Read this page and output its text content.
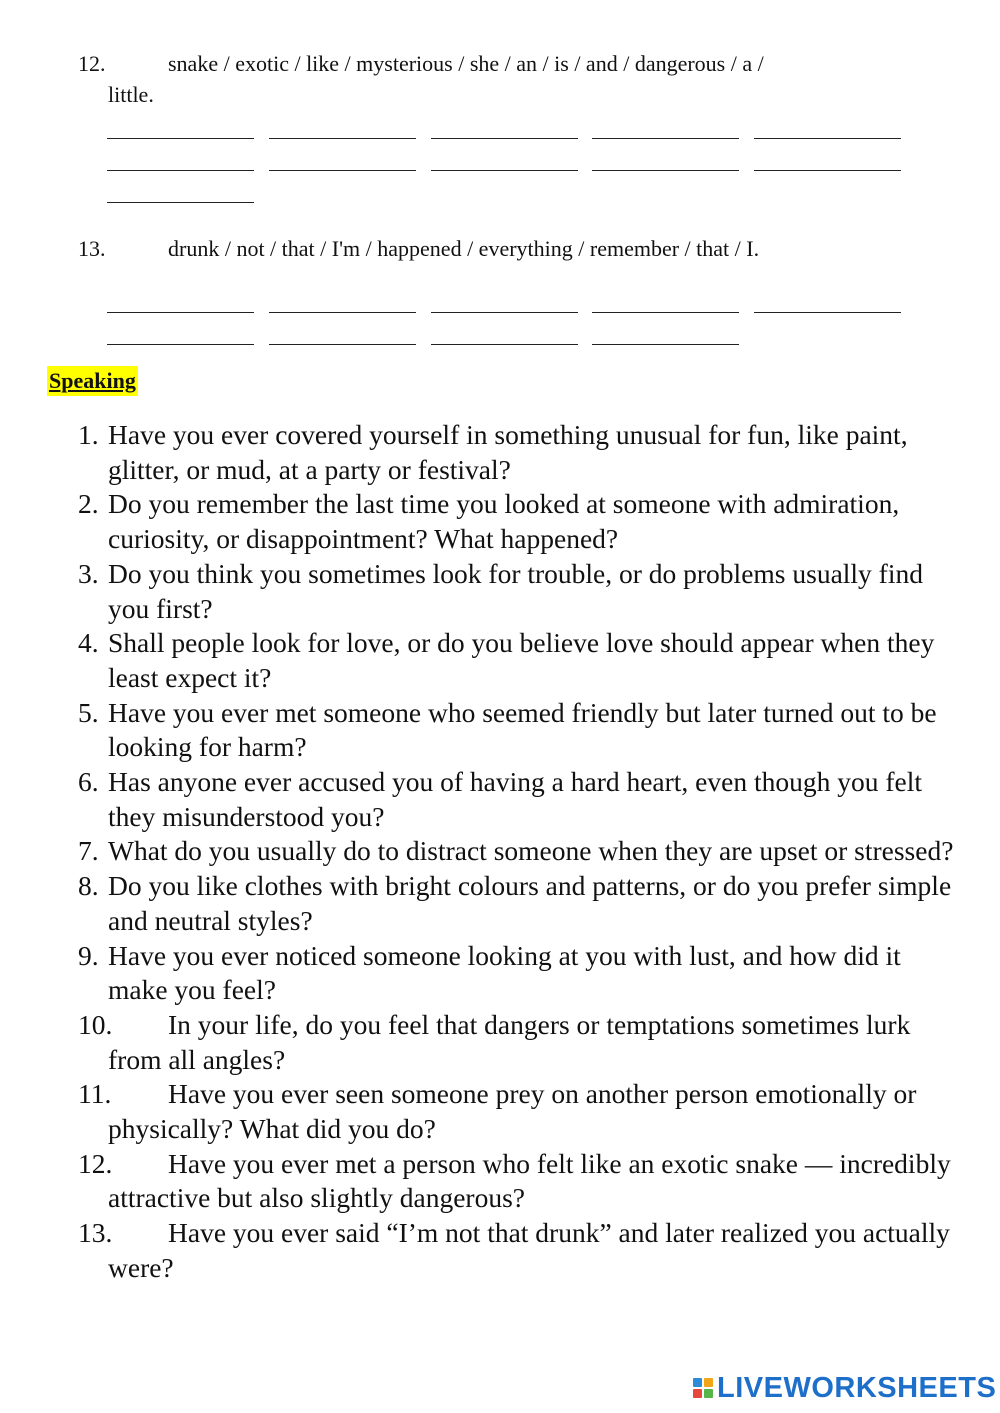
12.	snake / exotic / like / mysterious / she / an / is / and / dangerous / a /
little.
13.	drunk / not / that / I'm / happened / everything / remember / that / I.
Speaking
1. Have you ever covered yourself in something unusual for fun, like paint, glitter, or mud, at a party or festival?
2. Do you remember the last time you looked at someone with admiration, curiosity, or disappointment? What happened?
3. Do you think you sometimes look for trouble, or do problems usually find you first?
4. Shall people look for love, or do you believe love should appear when they least expect it?
5. Have you ever met someone who seemed friendly but later turned out to be looking for harm?
6. Has anyone ever accused you of having a hard heart, even though you felt they misunderstood you?
7. What do you usually do to distract someone when they are upset or stressed?
8. Do you like clothes with bright colours and patterns, or do you prefer simple and neutral styles?
9. Have you ever noticed someone looking at you with lust, and how did it make you feel?
10. In your life, do you feel that dangers or temptations sometimes lurk from all angles?
11. Have you ever seen someone prey on another person emotionally or physically? What did you do?
12. Have you ever met a person who felt like an exotic snake — incredibly attractive but also slightly dangerous?
13. Have you ever said “I’m not that drunk” and later realized you actually were?
LIVEWORKSHEETS
